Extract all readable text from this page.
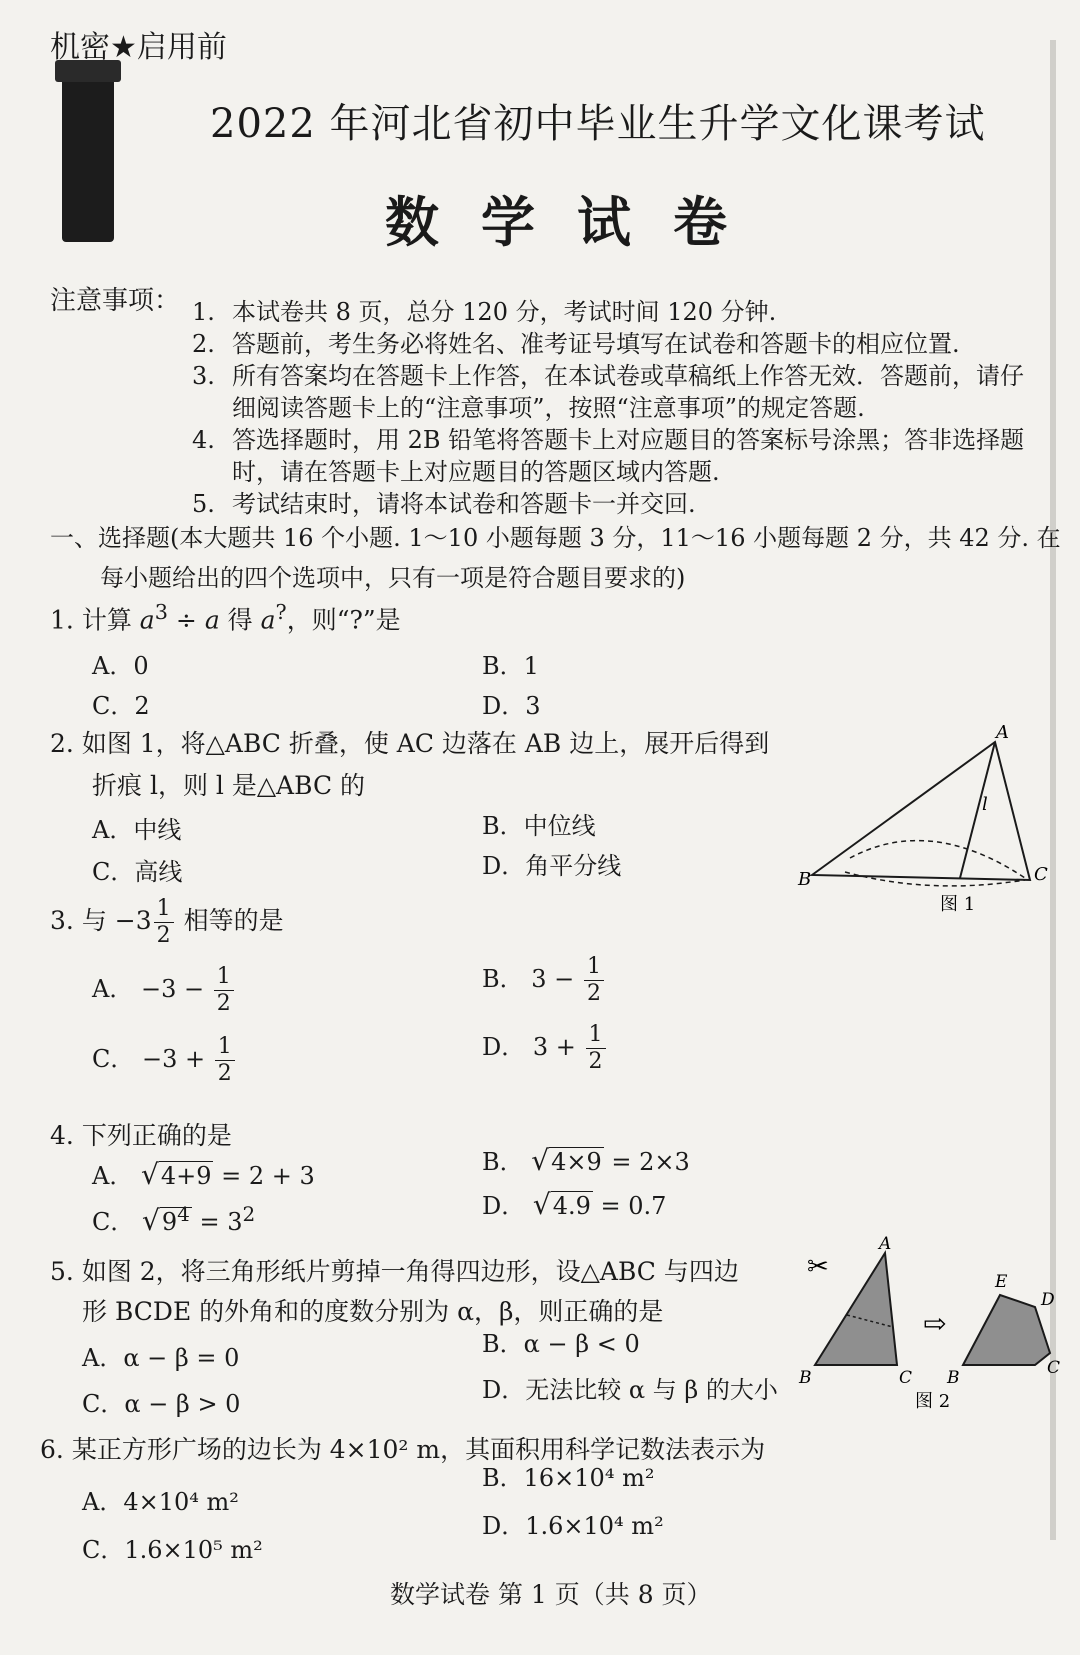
机密★启用前
2022 年河北省初中毕业生升学文化课考试
数学试卷
注意事项： 1. 本试卷共 8 页，总分 120 分，考试时间 120 分钟.
2. 答题前，考生务必将姓名、准考证号填写在试卷和答题卡的相应位置.
3. 所有答案均在答题卡上作答，在本试卷或草稿纸上作答无效．答题前，请仔
细阅读答题卡上的“注意事项”，按照“注意事项”的规定答题.
4. 答选择题时，用 2B 铅笔将答题卡上对应题目的答案标号涂黑；答非选择题
时，请在答题卡上对应题目的答题区域内答题.
5. 考试结束时，请将本试卷和答题卡一并交回.
一、选择题(本大题共 16 个小题. 1～10 小题每题 3 分，11～16 小题每题 2 分，共 42 分. 在
每小题给出的四个选项中，只有一项是符合题目要求的)
1. 计算 $a^3 \div a$ 得 a?，则“?”是
A．0	B．1
C．2	D．3
2. 如图 1，将△ABC 折叠，使 AC 边落在 AB 边上，展开后得到
折痕 l，则 l 是△ABC 的
A．中线	B．中位线
C．高线	D．角平分线
A
B	C
l
图 1
3. 与 $-3 \frac{1}{2}$ 相等的是
A． $-3 - \frac{1}{2}$	B． $3 - \frac{1}{2}$
C． $-3 + \frac{1}{2}$	D． $3 + \frac{1}{2}$
4. 下列正确的是
A． √4+9 = 2 + 3	B． √4×9 = 2×3
C． $√9^4 = 3^2$	D． √4.9 = 0.7
5. 如图 2，将三角形纸片剪掉一角得四边形，设△ABC 与四边
形 BCDE 的外角和的度数分别为 α，β，则正确的是
A．α − β = 0	B．α − β < 0
C．α − β > 0	D．无法比较 α 与 β 的大小
✂
A
B	C
⇨
B	C
D
E
图 2
6. 某正方形广场的边长为 4×10² m，其面积用科学记数法表示为
A．4×10⁴ m²
B．16×10⁴ m²
C．1.6×10⁵ m²
D．1.6×10⁴ m²
数学试卷 第 1 页（共 8 页）
